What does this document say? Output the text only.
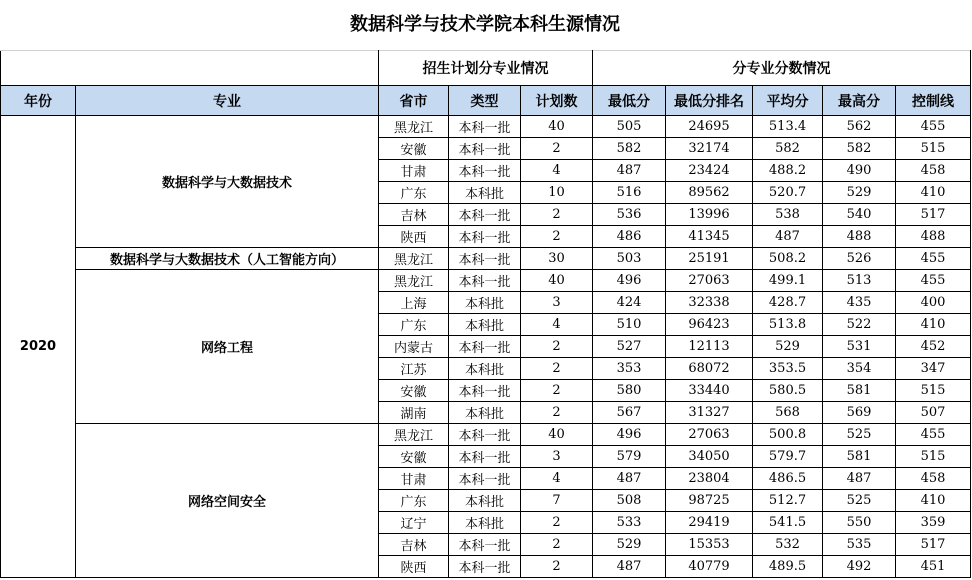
数据科学与技术学院本科生源情况
		招生计划分专业情况			分专业分数情况				
年份	专业	省市	类型	计划数	最低分	最低分排名	平均分	最高分	控制线
2020	数据科学与大数据技术	黑龙江	本科一批	40	505	24695	513.4	562	455
		安徽	本科一批	2	582	32174	582	582	515
		甘肃	本科一批	4	487	23424	488.2	490	458
		广东	本科批	10	516	89562	520.7	529	410
		吉林	本科一批	2	536	13996	538	540	517
		陕西	本科一批	2	486	41345	487	488	488
	数据科学与大数据技术（人工智能方向）	黑龙江	本科一批	30	503	25191	508.2	526	455
	网络工程	黑龙江	本科一批	40	496	27063	499.1	513	455
		上海	本科批	3	424	32338	428.7	435	400
		广东	本科批	4	510	96423	513.8	522	410
		内蒙古	本科一批	2	527	12113	529	531	452
		江苏	本科批	2	353	68072	353.5	354	347
		安徽	本科一批	2	580	33440	580.5	581	515
		湖南	本科批	2	567	31327	568	569	507
	网络空间安全	黑龙江	本科一批	40	496	27063	500.8	525	455
		安徽	本科一批	3	579	34050	579.7	581	515
		甘肃	本科一批	4	487	23804	486.5	487	458
		广东	本科批	7	508	98725	512.7	525	410
		辽宁	本科批	2	533	29419	541.5	550	359
		吉林	本科一批	2	529	15353	532	535	517
		陕西	本科一批	2	487	40779	489.5	492	451
